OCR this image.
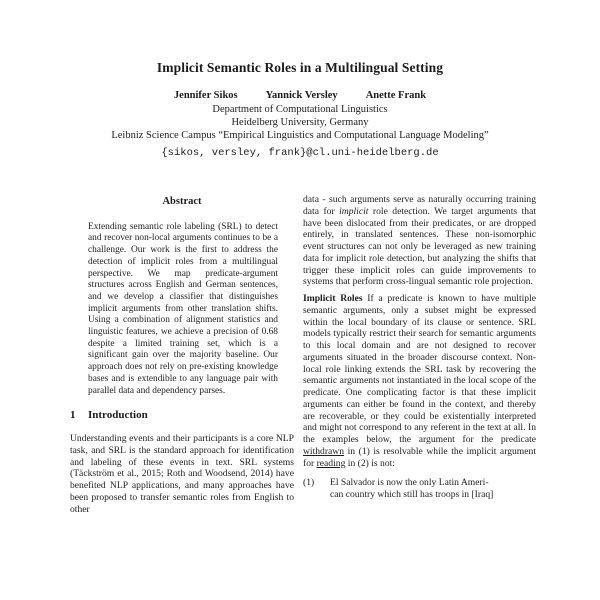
Implicit Semantic Roles in a Multilingual Setting
Jennifer Sikos	Yannick Versley	Anette Frank
Department of Computational Linguistics
Heidelberg University, Germany
Leibniz Science Campus “Empirical Linguistics and Computational Language Modeling”
{sikos, versley, frank}@cl.uni-heidelberg.de
Abstract
Extending semantic role labeling (SRL) to detect and recover non-local arguments continues to be a challenge. Our work is the first to address the detection of implicit roles from a multilingual perspective. We map predicate-argument structures across English and German sentences, and we develop a classifier that distinguishes implicit arguments from other translation shifts. Using a combination of alignment statistics and linguistic features, we achieve a precision of 0.68 despite a limited training set, which is a significant gain over the majority baseline. Our approach does not rely on pre-existing knowledge bases and is extendible to any language pair with parallel data and dependency parses.
1 Introduction

Understanding events and their participants is a core NLP task, and SRL is the standard approach for identification and labeling of these events in text. SRL systems (Täckström et al., 2015; Roth and Woodsend, 2014) have benefited NLP applications, and many approaches have been proposed to transfer semantic roles from English to other

data - such arguments serve as naturally occurring training data for implicit role detection. We target arguments that have been dislocated from their predicates, or are dropped entirely, in translated sentences. These non-isomorphic event structures can not only be leveraged as new training data for implicit role detection, but analyzing the shifts that trigger these implicit roles can guide improvements to systems that perform cross-lingual semantic role projection.

Implicit Roles If a predicate is known to have multiple semantic arguments, only a subset might be expressed within the local boundary of its clause or sentence. SRL models typically restrict their search for semantic arguments to this local domain and are not designed to recover arguments situated in the broader discourse context. Non-local role linking extends the SRL task by recovering the semantic arguments not instantiated in the local scope of the predicate. One complicating factor is that these implicit arguments can either be found in the context, and thereby are recoverable, or they could be existentially interpreted and might not correspond to any referent in the text at all. In the examples below, the argument for the predicate withdrawn in (1) is resolvable while the implicit argument for reading in (2) is not:

(1)	El Salvador is now the only Latin Ameri-
can country which still has troops in [Iraq]
